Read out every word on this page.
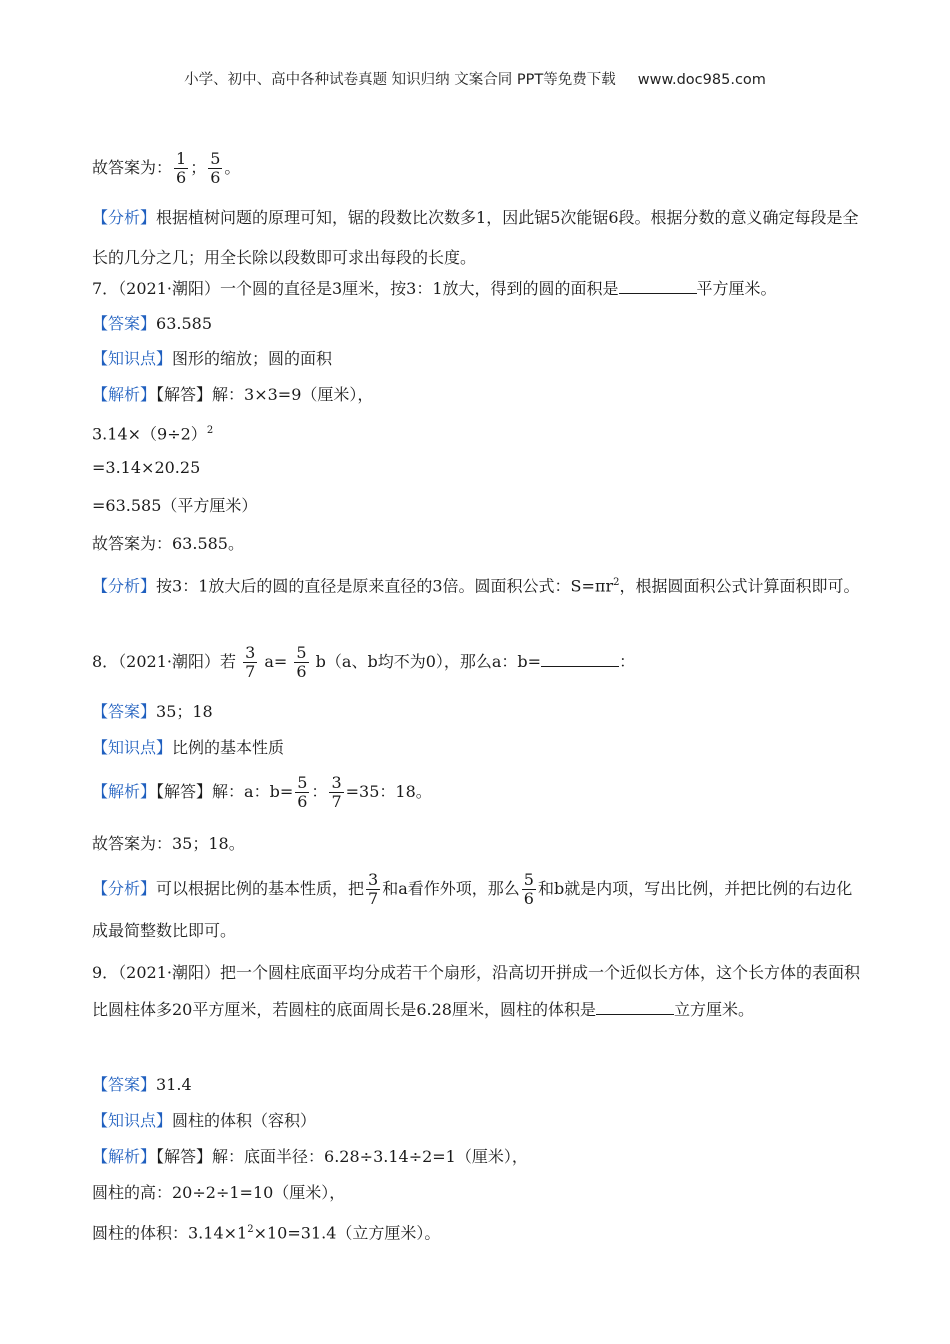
小学、初中、高中各种试卷真题 知识归纳 文案合同 PPT等免费下载 www.doc985.com
故答案为： $\frac{1}{6}$ ； $\frac{5}{6}$ 。
【分析】根据植树问题的原理可知，锯的段数比次数多1，因此锯5次能锯6段。根据分数的意义确定每段是全长的几分之几；用全长除以段数即可求出每段的长度。
7．（2021·潮阳）一个圆的直径是3厘米，按3：1放大，得到的圆的面积是	平方厘米。
【答案】63.585
【知识点】图形的缩放；圆的面积
【解析】【解答】解：3×3=9（厘米），
$3.14\times(9\div 2)^2$
=3.14×20.25
=63.585（平方厘米）
故答案为：63.585。
【分析】按3：1放大后的圆的直径是原来直径的3倍。圆面积公式：$S=\pi r^2$，根据圆面积公式计算面积即可。
8．（2021·潮阳）若 $\frac{3}{7} a= \frac{5}{6} b(a$、b均不为0），那么a：b=	：
【答案】35；18
【知识点】比例的基本性质
【解析】【解答】解：a：$b= \frac{5}{6}$ ： $\frac{3}{7} =35$：18。
故答案为：35；18。
【分析】可以根据比例的基本性质，把 $\frac{3}{7}$ 和a看作外项，那么 $\frac{5}{6}$ 和b就是内项，写出比例，并把比例的右边化成最简整数比即可。
9．（2021·潮阳）把一个圆柱底面平均分成若干个扇形，沿高切开拼成一个近似长方体，这个长方体的表面积比圆柱体多20平方厘米，若圆柱的底面周长是6.28厘米，圆柱的体积是	立方厘米。
【答案】31.4
【知识点】圆柱的体积（容积）
【解析】【解答】解：底面半径：6.28÷3.14÷2=1（厘米），
圆柱的高：20÷2÷1=10（厘米），
圆柱的体积：$3.14\times 1^2\times 10=31.4$（立方厘米）。
